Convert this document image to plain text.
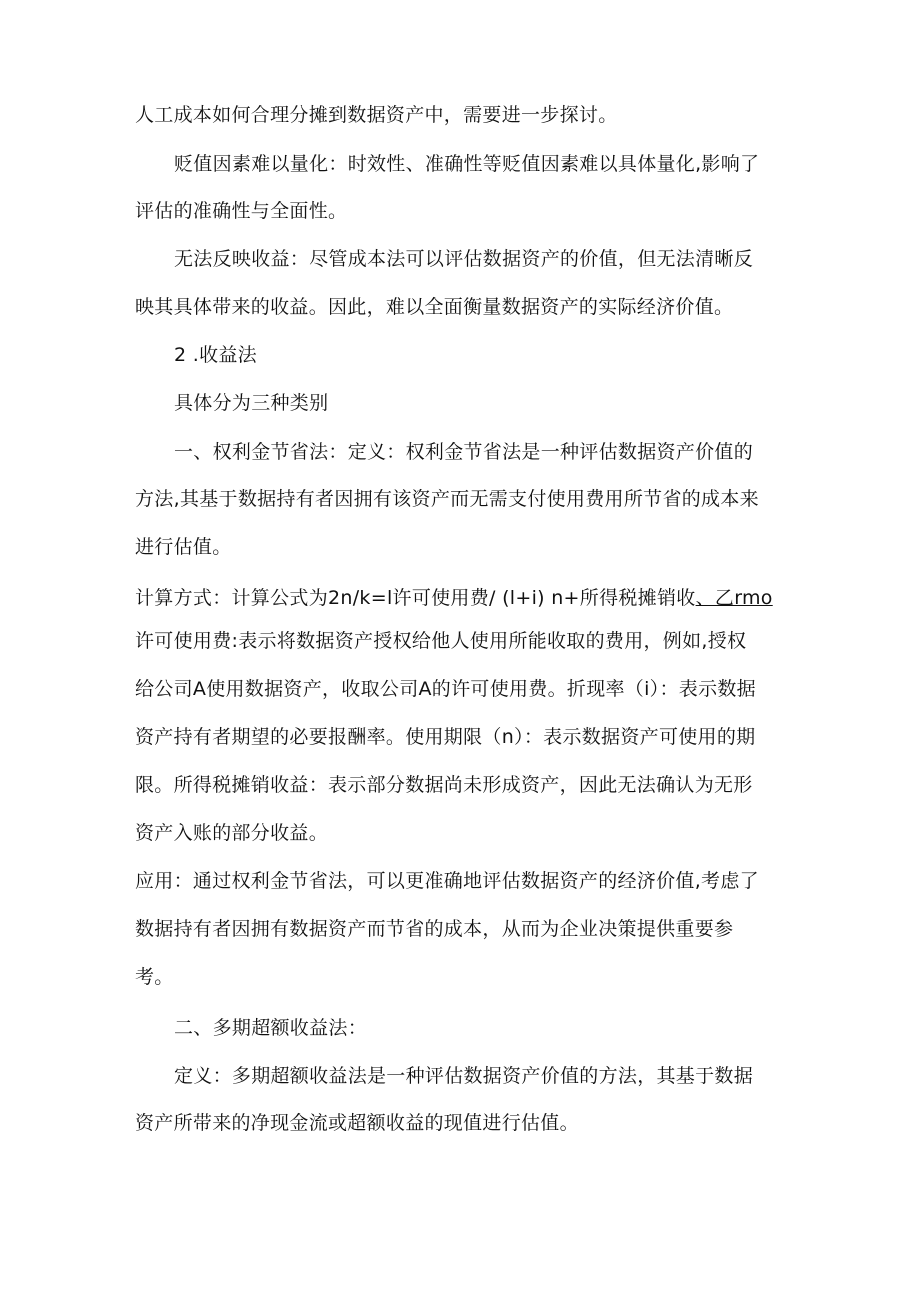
人工成本如何合理分摊到数据资产中，需要进一步探讨。
贬值因素难以量化：时效性、准确性等贬值因素难以具体量化,影响了
评估的准确性与全面性。
无法反映收益：尽管成本法可以评估数据资产的价值，但无法清晰反
映其具体带来的收益。因此，难以全面衡量数据资产的实际经济价值。
2 .收益法
具体分为三种类别
一、权利金节省法：定义：权利金节省法是一种评估数据资产价值的
方法,其基于数据持有者因拥有该资产而无需支付使用费用所节省的成本来
进行估值。
计算方式：计算公式为2n∕k=l许可使用费/ (l+i) n+所得税摊销收、乙rmo
许可使用费:表示将数据资产授权给他人使用所能收取的费用，例如,授权
给公司A使用数据资产，收取公司A的许可使用费。折现率（i）：表示数据
资产持有者期望的必要报酬率。使用期限（n）：表示数据资产可使用的期
限。所得税摊销收益：表示部分数据尚未形成资产，因此无法确认为无形
资产入账的部分收益。
应用：通过权利金节省法，可以更准确地评估数据资产的经济价值,考虑了
数据持有者因拥有数据资产而节省的成本，从而为企业决策提供重要参
考。
二、多期超额收益法：
定义：多期超额收益法是一种评估数据资产价值的方法，其基于数据
资产所带来的净现金流或超额收益的现值进行估值。
